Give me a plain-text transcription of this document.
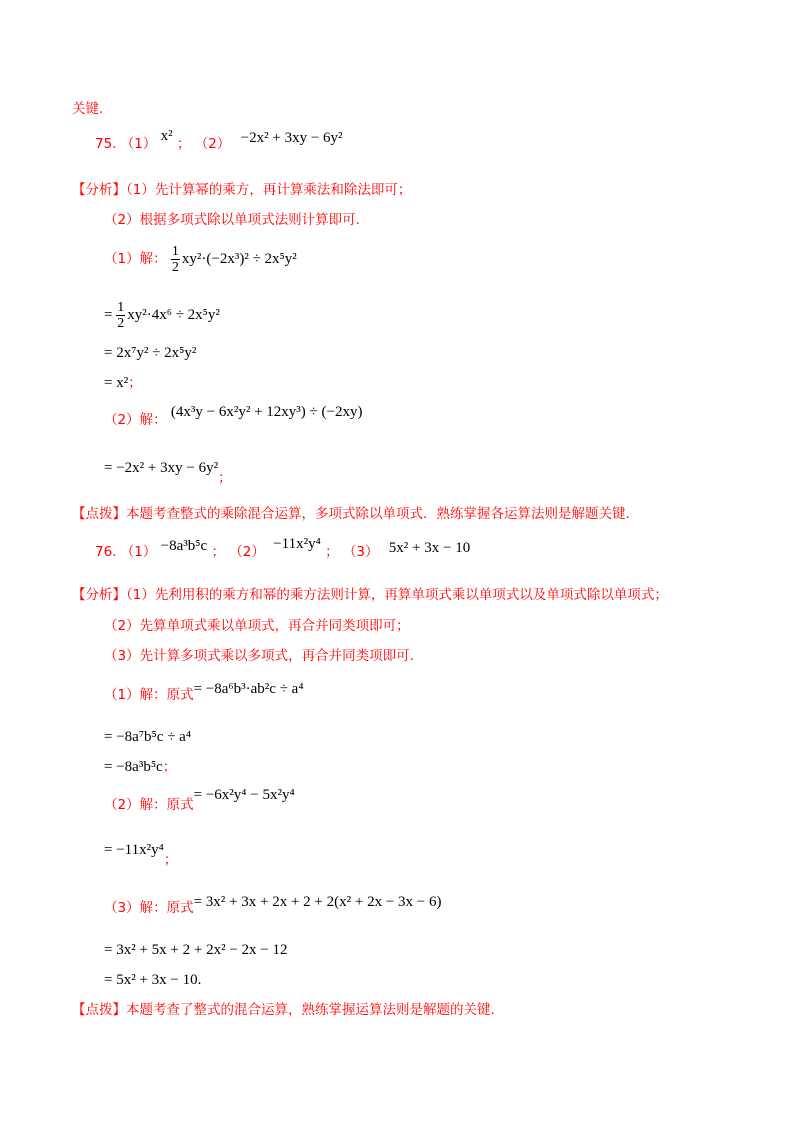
关键.
75. （1） x² ； （2） −2x² + 3xy − 6y²
【分析】（1）先计算幂的乘方，再计算乘法和除法即可；
（2）根据多项式除以单项式法则计算即可.
（1）解： $\frac{1}{2} xy^2\cdot(-2x^3)^2 \div 2x^5y^2$
= $\frac{1}{2} xy^2\cdot 4x^6 \div 2x^5y^2$
= 2x⁷y² ÷ 2x⁵y²
= x²；
（2）解： (4x³y − 6x²y² + 12xy³) ÷ (−2xy)
= −2x² + 3xy − 6y²；
【点拨】本题考查整式的乘除混合运算，多项式除以单项式．熟练掌握各运算法则是解题关键.
76. （1） −8a³b⁵c ； （2） −11x²y⁴ ； （3） 5x² + 3x − 10
【分析】（1）先利用积的乘方和幂的乘方法则计算，再算单项式乘以单项式以及单项式除以单项式；
（2）先算单项式乘以单项式，再合并同类项即可；
（3）先计算多项式乘以多项式，再合并同类项即可.
（1）解：原式= −8a⁶b³·ab²c ÷ a⁴
= −8a⁷b⁵c ÷ a⁴
= −8a³b⁵c；
（2）解：原式= −6x²y⁴ − 5x²y⁴
= −11x²y⁴；
（3）解：原式= 3x² + 3x + 2x + 2 + 2(x² + 2x − 3x − 6)
= 3x² + 5x + 2 + 2x² − 2x − 12
= 5x² + 3x − 10.
【点拨】本题考查了整式的混合运算，熟练掌握运算法则是解题的关键.
